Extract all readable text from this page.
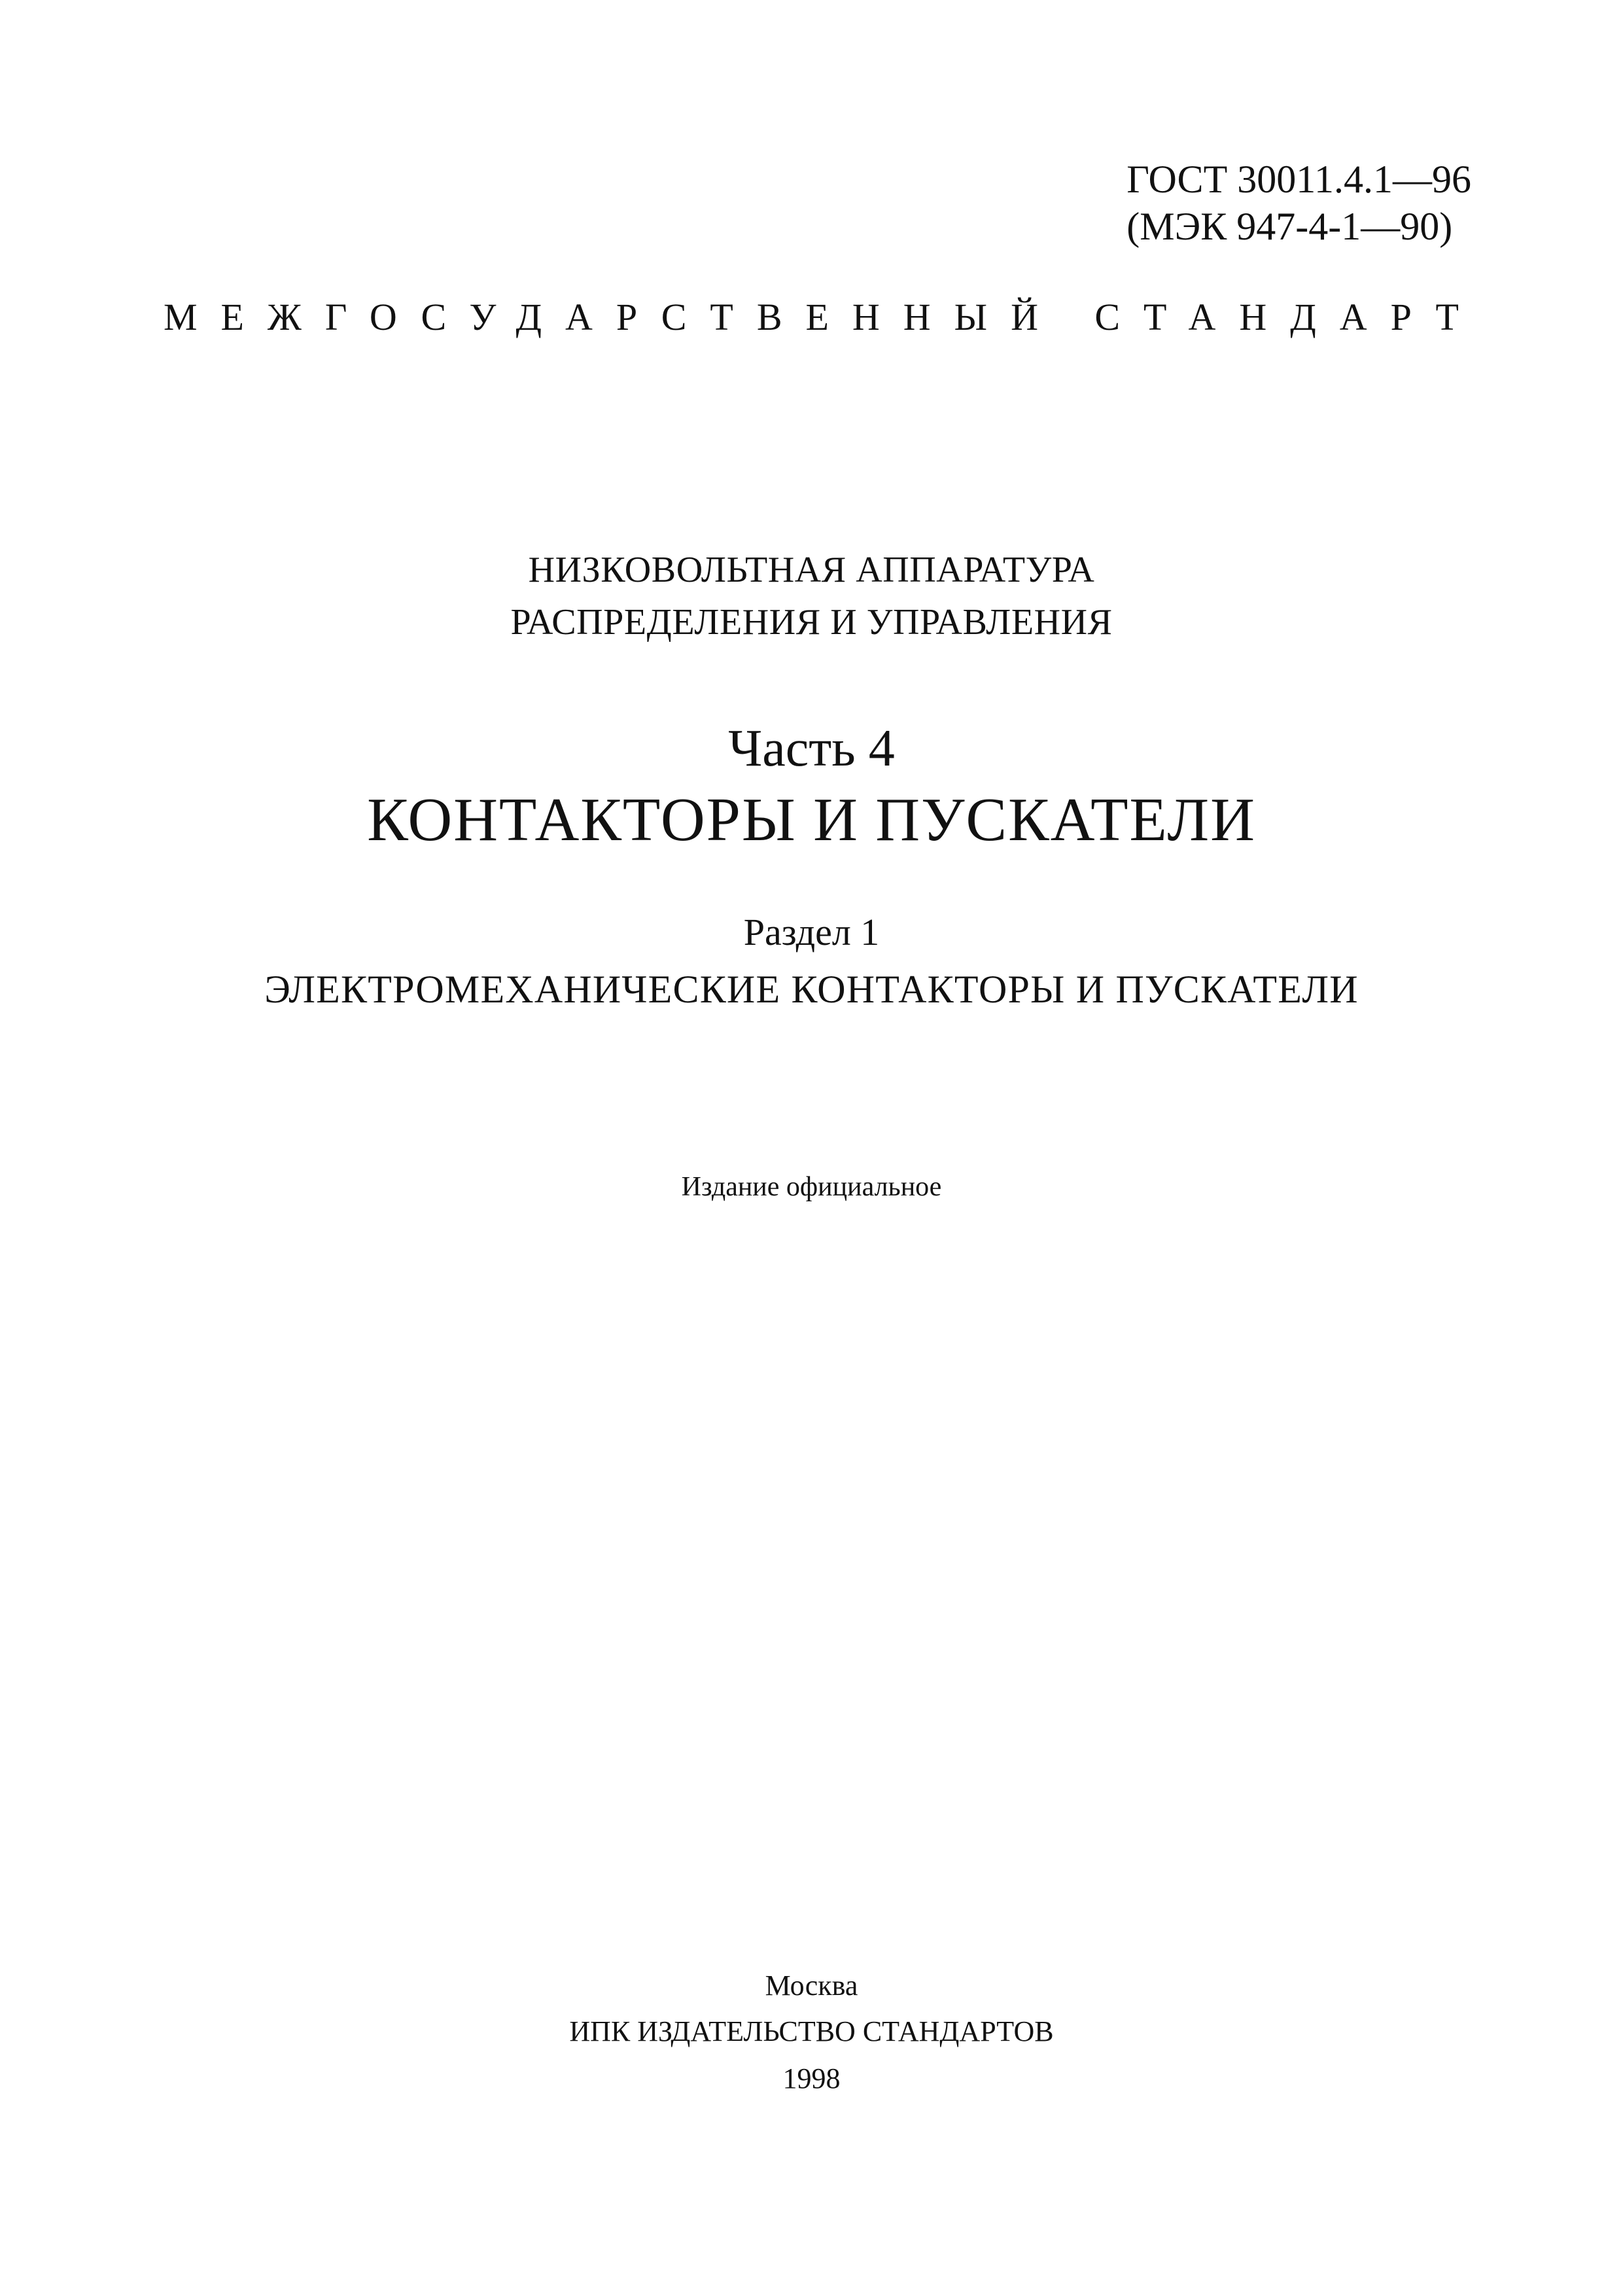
ГОСТ 30011.4.1—96
(МЭК 947-4-1—90)
МЕЖГОСУДАРСТВЕННЫЙ СТАНДАРТ
НИЗКОВОЛЬТНАЯ АППАРАТУРА
РАСПРЕДЕЛЕНИЯ И УПРАВЛЕНИЯ
Часть 4
КОНТАКТОРЫ И ПУСКАТЕЛИ
Раздел 1
ЭЛЕКТРОМЕХАНИЧЕСКИЕ КОНТАКТОРЫ И ПУСКАТЕЛИ
Издание официальное
Москва
ИПК ИЗДАТЕЛЬСТВО СТАНДАРТОВ
1998
